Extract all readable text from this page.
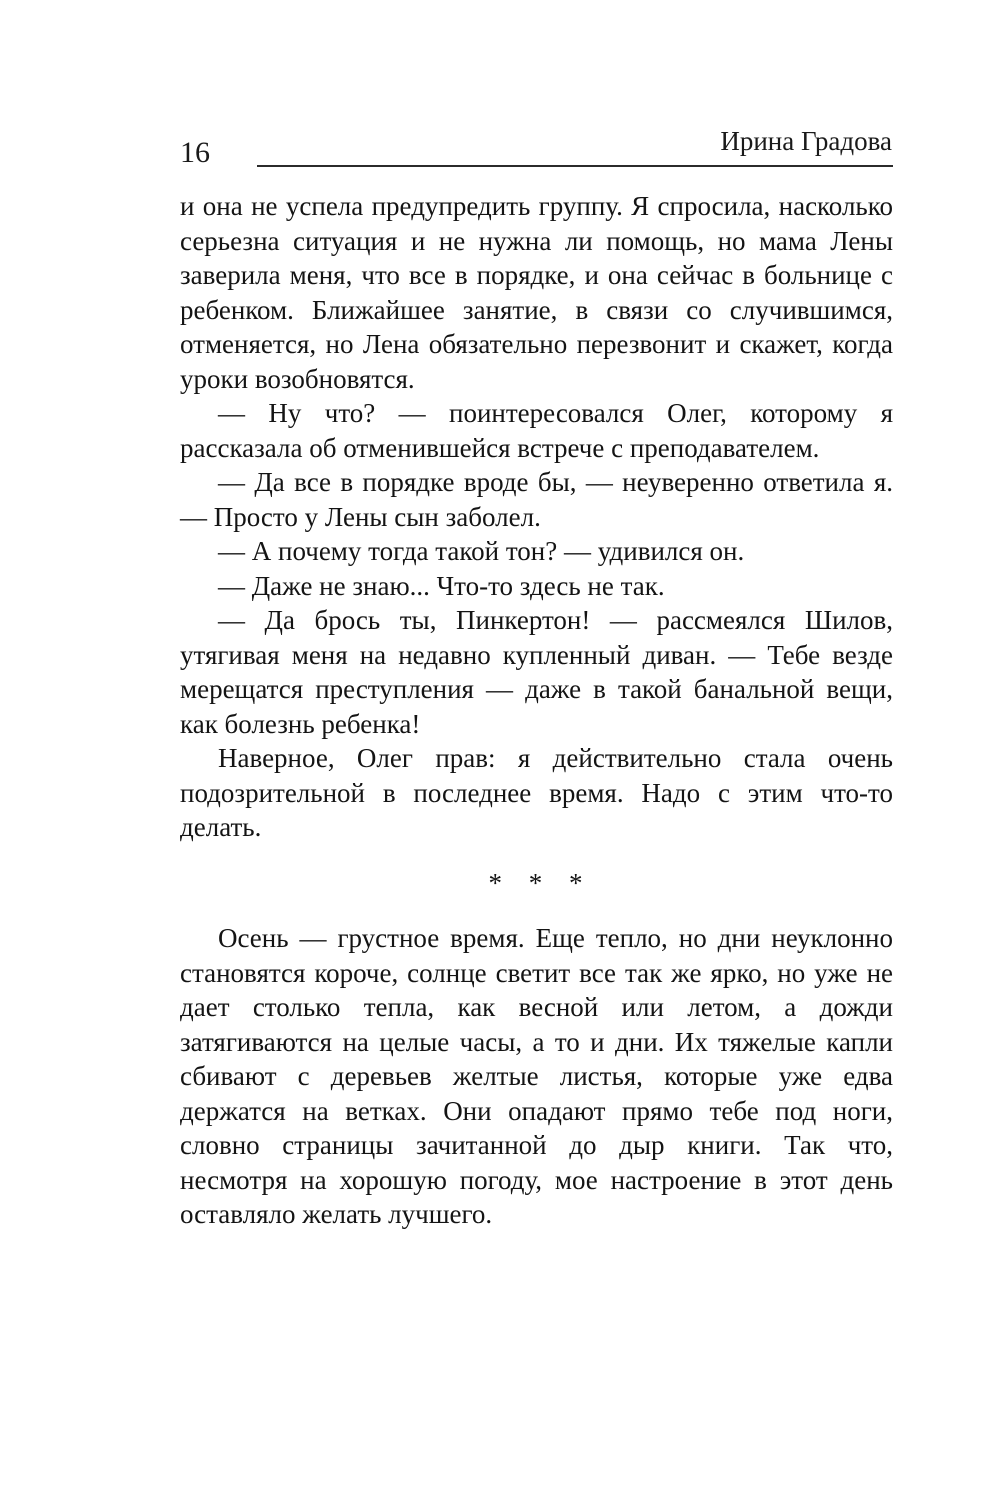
16	Ирина Градова

и она не успела предупредить группу. Я спросила, насколько серьезна ситуация и не нужна ли помощь, но мама Лены заверила меня, что все в порядке, и она сейчас в больнице с ребенком. Ближайшее занятие, в связи со случившимся, отменяется, но Лена обязательно перезвонит и скажет, когда уроки возобновятся.

— Ну что? — поинтересовался Олег, которому я рассказала об отменившейся встрече с преподавателем.

— Да все в порядке вроде бы, — неуверенно ответила я. — Просто у Лены сын заболел.

— А почему тогда такой тон? — удивился он.

— Даже не знаю... Что-то здесь не так.

— Да брось ты, Пинкертон! — рассмеялся Шилов, утягивая меня на недавно купленный диван. — Тебе везде мерещатся преступления — даже в такой банальной вещи, как болезнь ребенка!

Наверное, Олег прав: я действительно стала очень подозрительной в последнее время. Надо с этим что-то делать.

* * *

Осень — грустное время. Еще тепло, но дни неуклонно становятся короче, солнце светит все так же ярко, но уже не дает столько тепла, как весной или летом, а дожди затягиваются на целые часы, а то и дни. Их тяжелые капли сбивают с деревьев желтые листья, которые уже едва держатся на ветках. Они опадают прямо тебе под ноги, словно страницы зачитанной до дыр книги. Так что, несмотря на хорошую погоду, мое настроение в этот день оставляло желать лучшего.
